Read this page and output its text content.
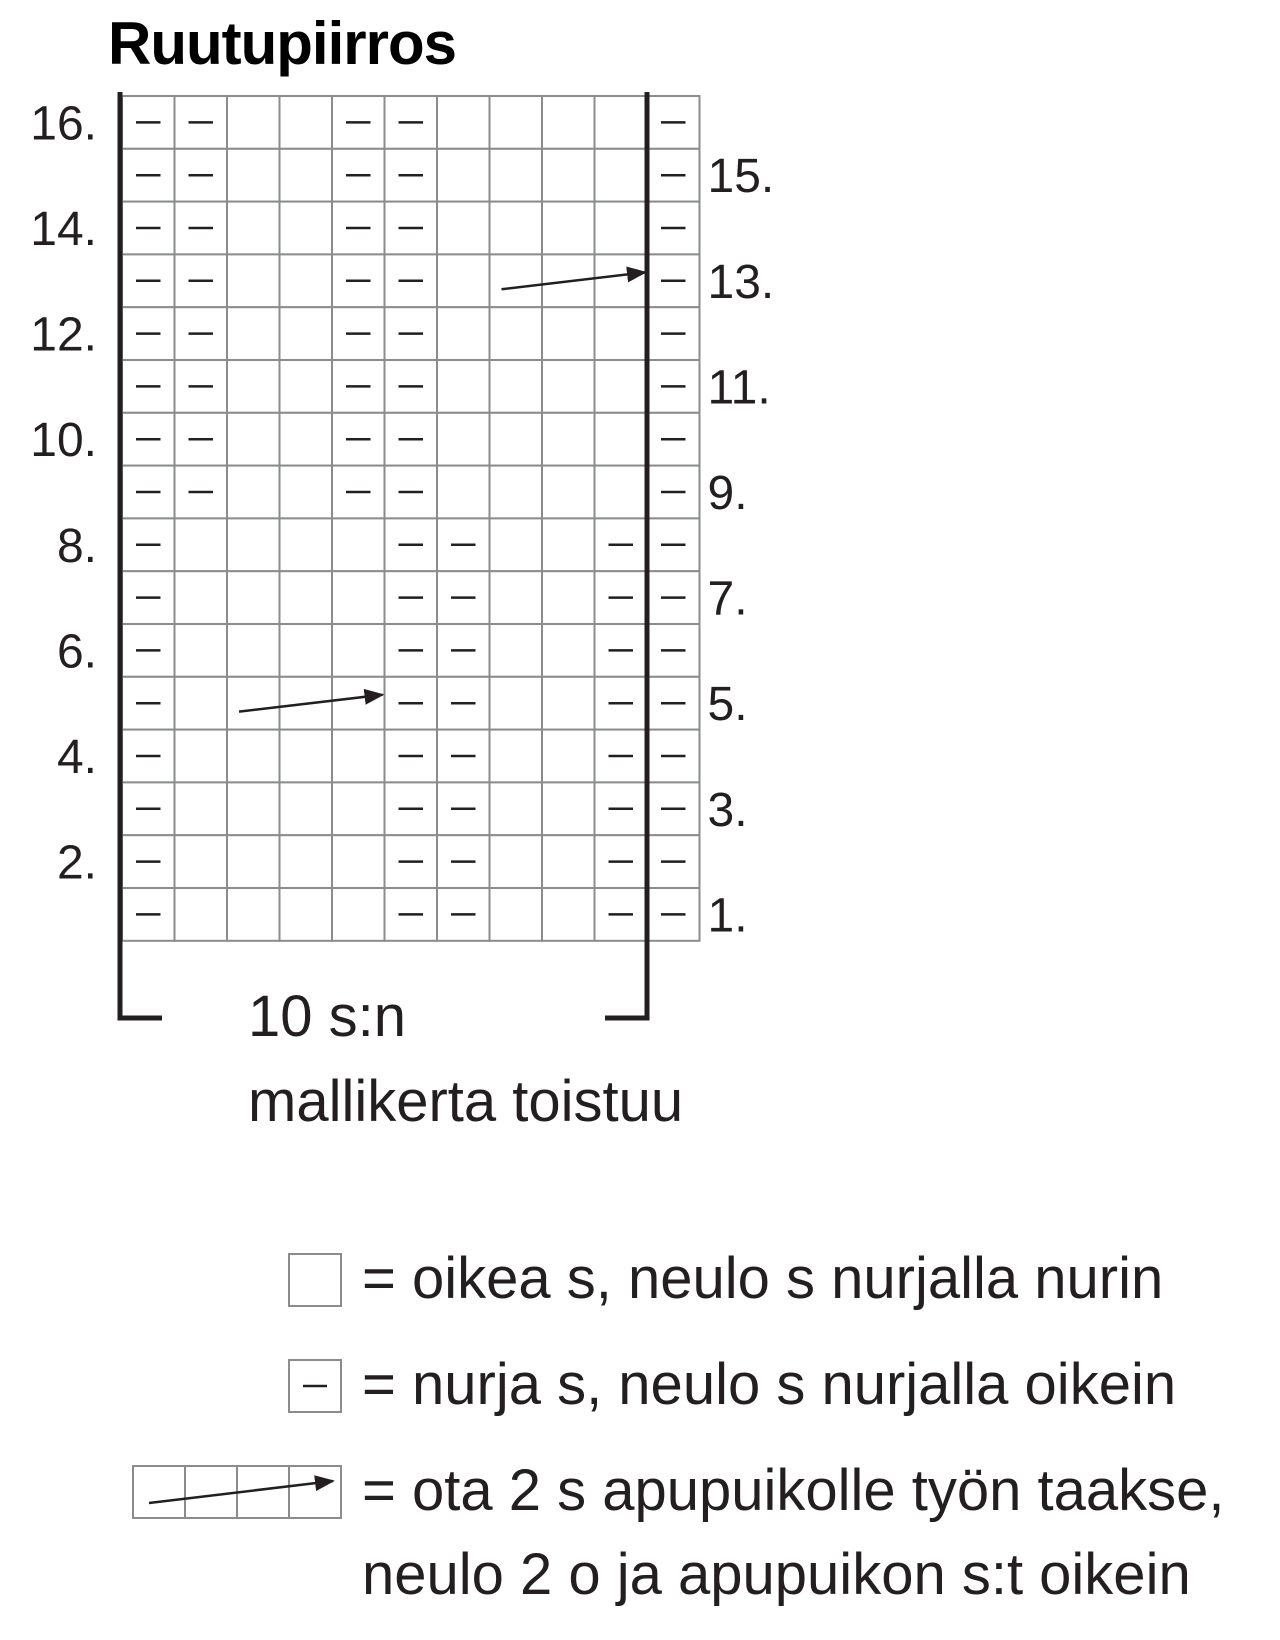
Ruutupiirros
16.
14.
12.
10.
8.
6.
4.
2.
15.
13.
11.
9.
7.
5.
3.
1.
10 s:n
mallikerta toistuu
= oikea s, neulo s nurjalla nurin
= nurja s, neulo s nurjalla oikein
= ota 2 s apupuikolle työn taakse,
neulo 2 o ja apupuikon s:t oikein
